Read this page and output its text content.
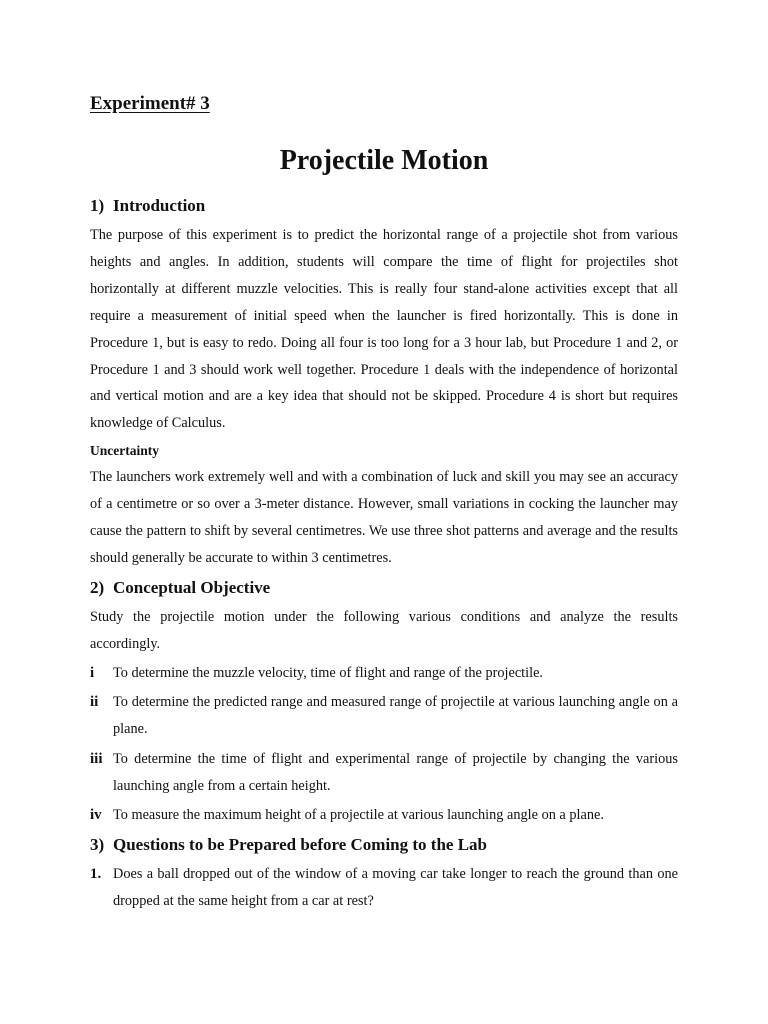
Experiment# 3
Projectile Motion
1) Introduction
The purpose of this experiment is to predict the horizontal range of a projectile shot from various heights and angles. In addition, students will compare the time of flight for projectiles shot horizontally at different muzzle velocities. This is really four stand-alone activities except that all require a measurement of initial speed when the launcher is fired horizontally. This is done in Procedure 1, but is easy to redo. Doing all four is too long for a 3 hour lab, but Procedure 1 and 2, or Procedure 1 and 3 should work well together. Procedure 1 deals with the independence of horizontal and vertical motion and are a key idea that should not be skipped. Procedure 4 is short but requires knowledge of Calculus.
Uncertainty
The launchers work extremely well and with a combination of luck and skill you may see an accuracy of a centimetre or so over a 3-meter distance. However, small variations in cocking the launcher may cause the pattern to shift by several centimetres. We use three shot patterns and average and the results should generally be accurate to within 3 centimetres.
2) Conceptual Objective
Study the projectile motion under the following various conditions and analyze the results accordingly.
i To determine the muzzle velocity, time of flight and range of the projectile.
ii To determine the predicted range and measured range of projectile at various launching angle on a plane.
iii To determine the time of flight and experimental range of projectile by changing the various launching angle from a certain height.
iv To measure the maximum height of a projectile at various launching angle on a plane.
3) Questions to be Prepared before Coming to the Lab
1. Does a ball dropped out of the window of a moving car take longer to reach the ground than one dropped at the same height from a car at rest?
